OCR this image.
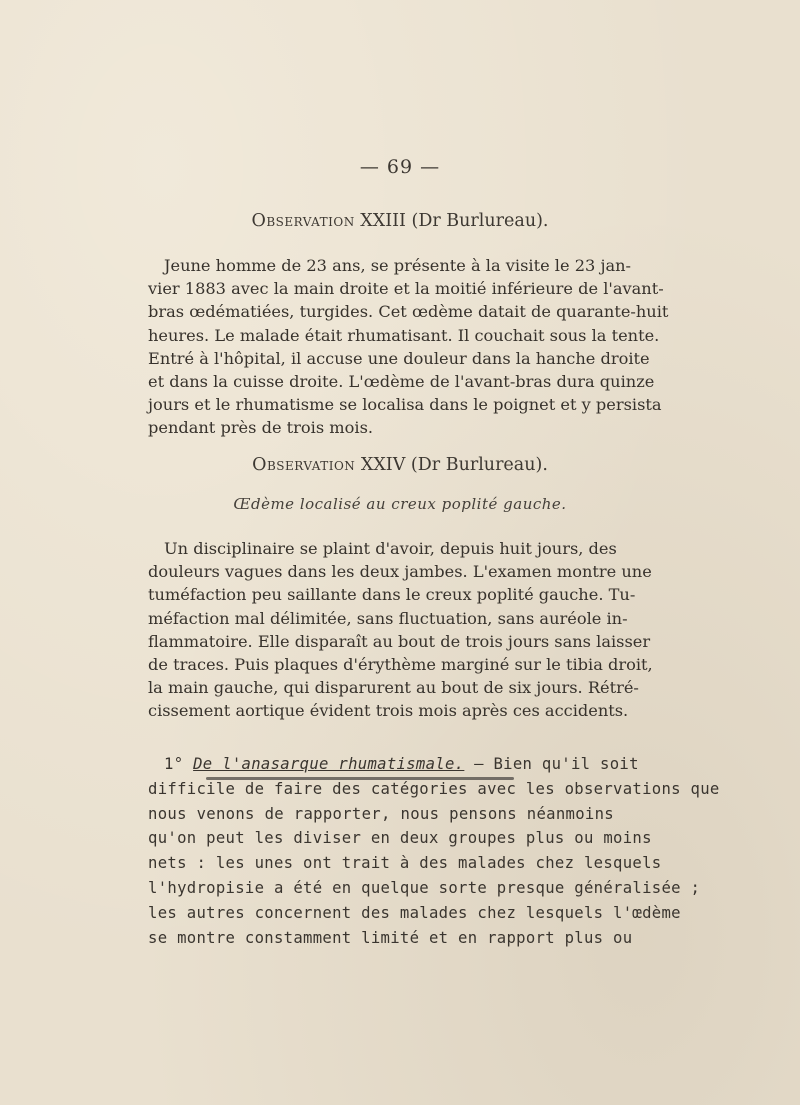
— 69 —
Observation XXIII (Dr Burlureau).
Jeune homme de 23 ans, se présente à la visite le 23 jan-
vier 1883 avec la main droite et la moitié inférieure de l'avant-
bras œdématiées, turgides. Cet œdème datait de quarante-huit
heures. Le malade était rhumatisant. Il couchait sous la tente.
Entré à l'hôpital, il accuse une douleur dans la hanche droite
et dans la cuisse droite. L'œdème de l'avant-bras dura quinze
jours et le rhumatisme se localisa dans le poignet et y persista
pendant près de trois mois.
Observation XXIV (Dr Burlureau).
Œdème localisé au creux poplité gauche.
Un disciplinaire se plaint d'avoir, depuis huit jours, des
douleurs vagues dans les deux jambes. L'examen montre une
tuméfaction peu saillante dans le creux poplité gauche. Tu-
méfaction mal délimitée, sans fluctuation, sans auréole in-
flammatoire. Elle disparaît au bout de trois jours sans laisser
de traces. Puis plaques d'érythème marginé sur le tibia droit,
la main gauche, qui disparurent au bout de six jours. Rétré-
cissement aortique évident trois mois après ces accidents.
1° De l'anasarque rhumatismale. — Bien qu'il soit
difficile de faire des catégories avec les observations que
nous venons de rapporter, nous pensons néanmoins
qu'on peut les diviser en deux groupes plus ou moins
nets : les unes ont trait à des malades chez lesquels
l'hydropisie a été en quelque sorte presque généralisée ;
les autres concernent des malades chez lesquels l'œdème
se montre constamment limité et en rapport plus ou
